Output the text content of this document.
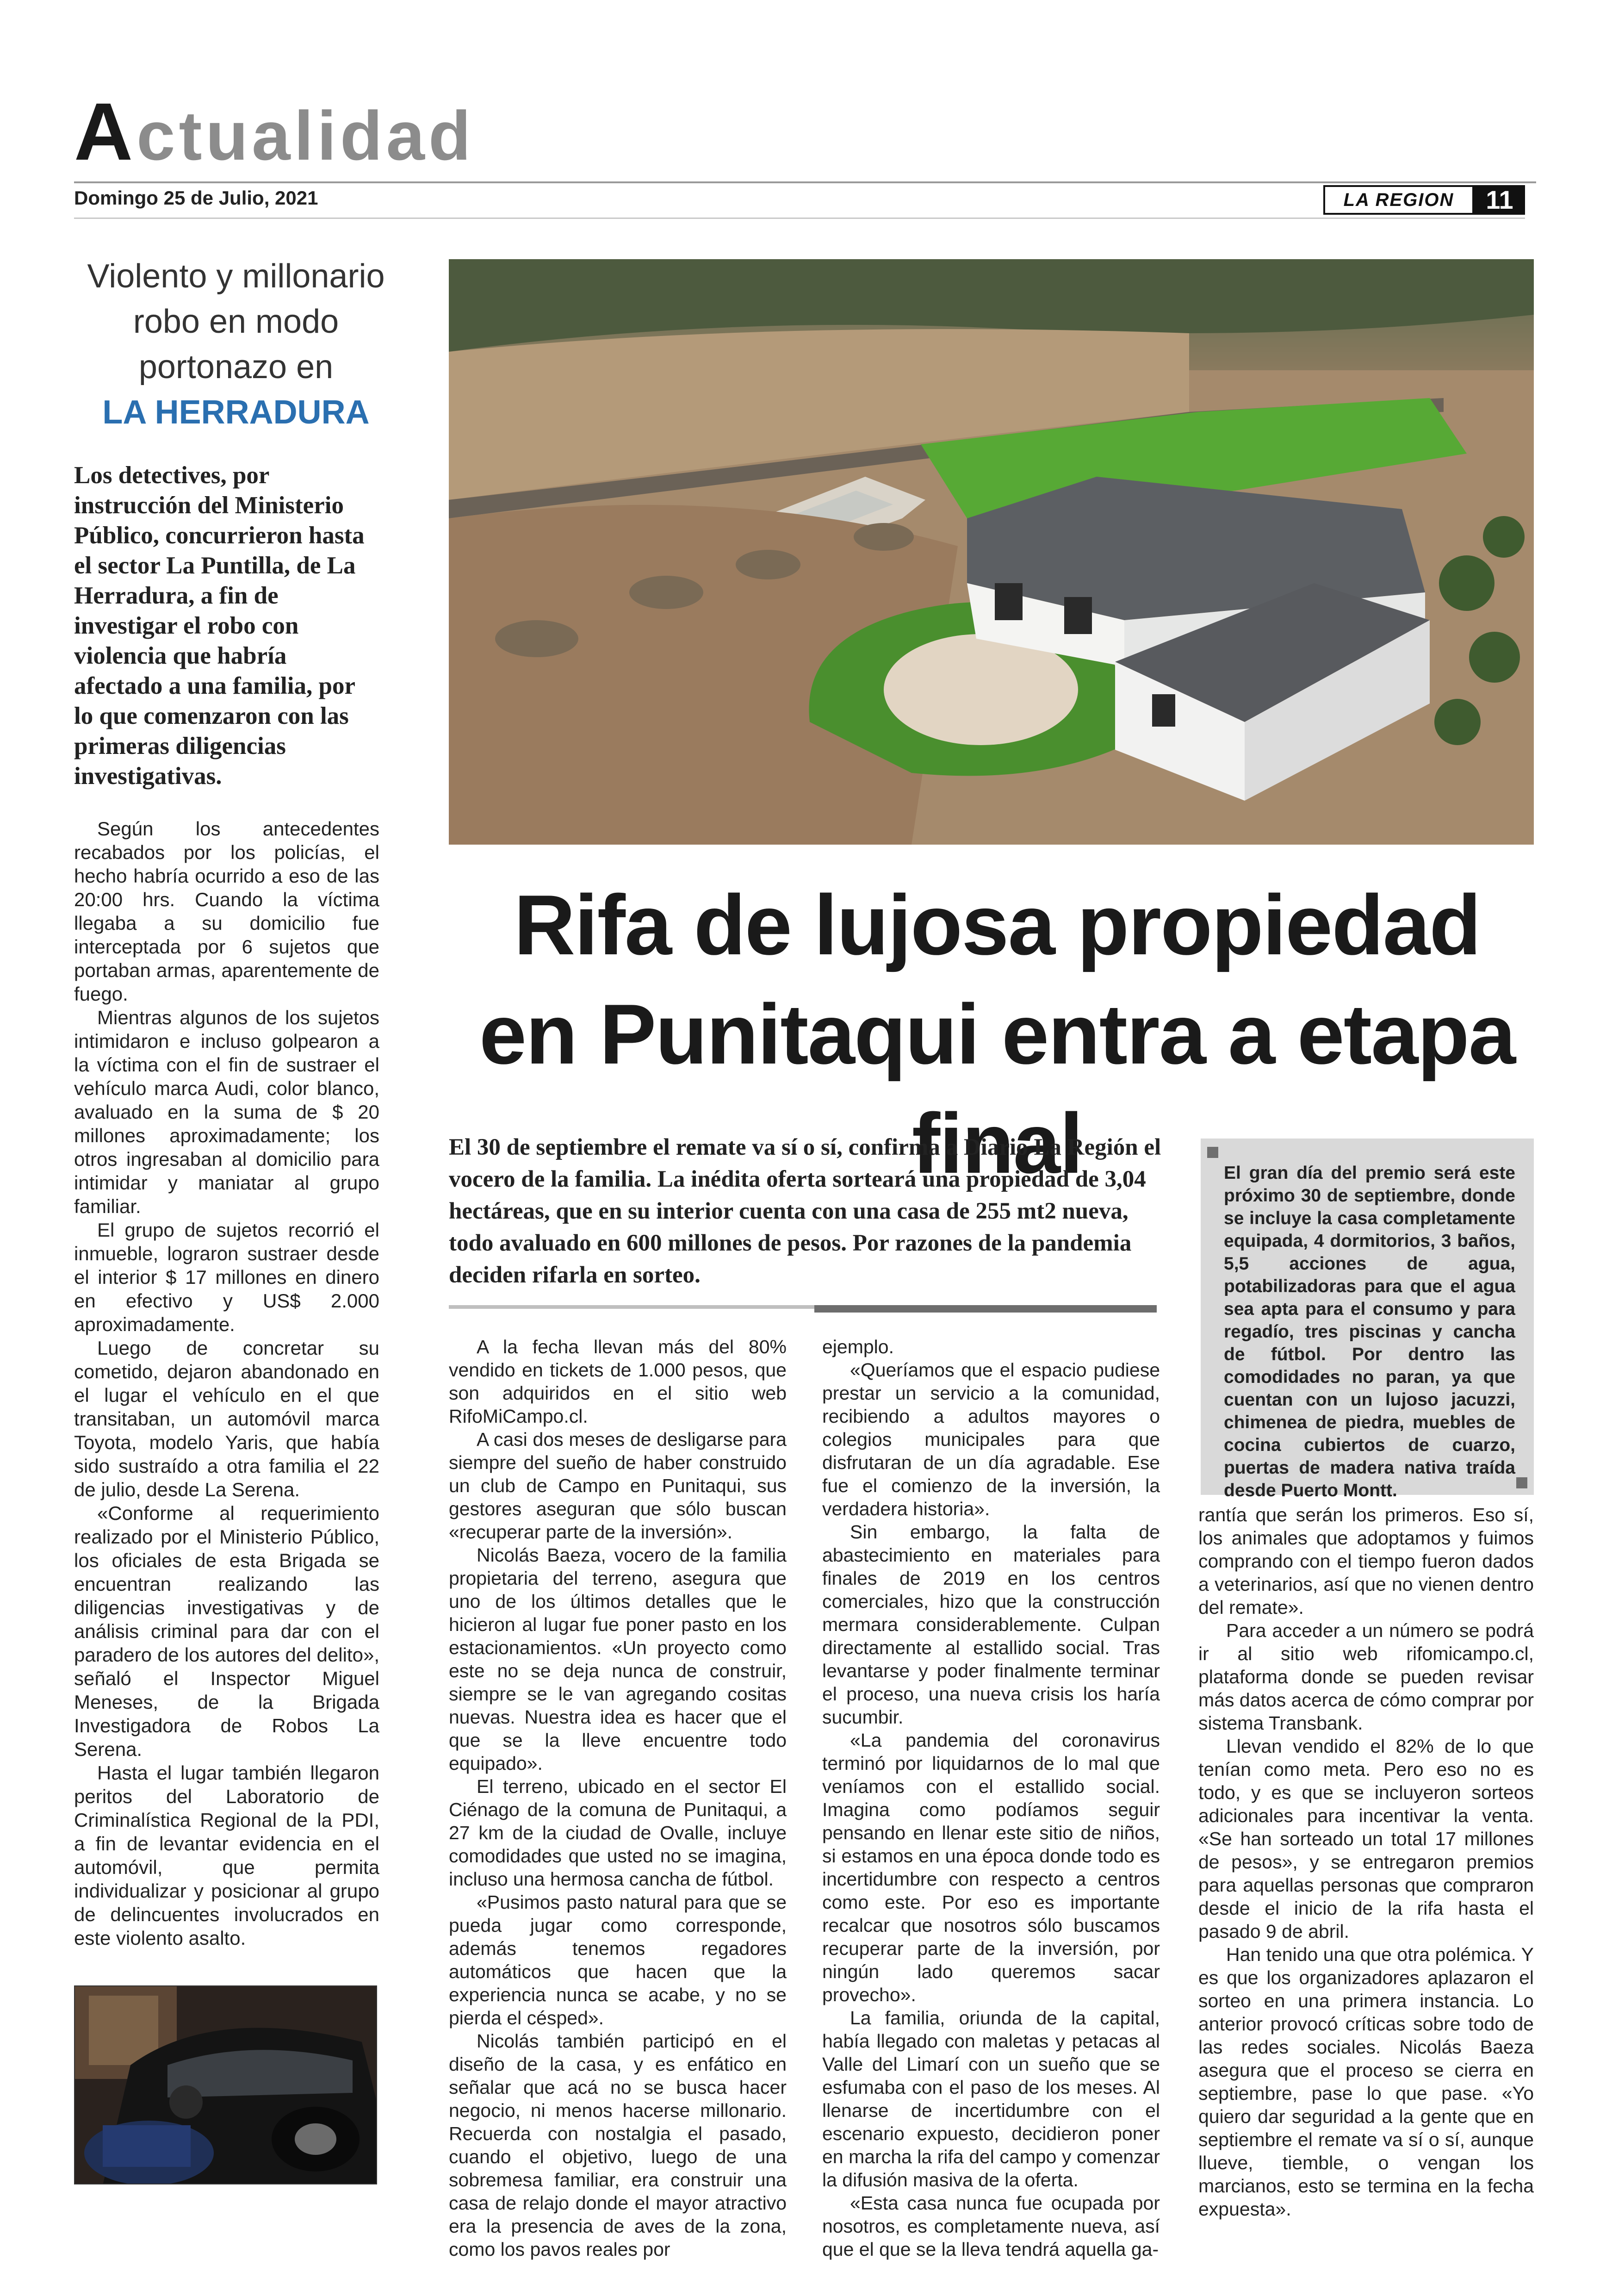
Actualidad
Domingo 25 de Julio, 2021	LA REGION	11
Violento y millonario robo en modo portonazo en
LA HERRADURA
Los detectives, por instrucción del Ministerio Público, concurrieron hasta el sector La Puntilla, de La Herradura, a fin de investigar el robo con violencia que habría afectado a una familia, por lo que comenzaron con las primeras diligencias investigativas.

Según los antecedentes recabados por los policías, el hecho habría ocurrido a eso de las 20:00 hrs. Cuando la víctima llegaba a su domicilio fue interceptada por 6 sujetos que portaban armas, aparentemente de fuego.

Mientras algunos de los sujetos intimidaron e incluso golpearon a la víctima con el fin de sustraer el vehículo marca Audi, color blanco, avaluado en la suma de $ 20 millones aproximadamente; los otros ingresaban al domicilio para intimidar y maniatar al grupo familiar.

El grupo de sujetos recorrió el inmueble, lograron sustraer desde el interior $ 17 millones en dinero en efectivo y US$ 2.000 aproximadamente.

Luego de concretar su cometido, dejaron abandonado en el lugar el vehículo en el que transitaban, un automóvil marca Toyota, modelo Yaris, que había sido sustraído a otra familia el 22 de julio, desde La Serena.

«Conforme al requerimiento realizado por el Ministerio Público, los oficiales de esta Brigada se encuentran realizando las diligencias investigativas y de análisis criminal para dar con el paradero de los autores del delito», señaló el Inspector Miguel Meneses, de la Brigada Investigadora de Robos La Serena.

Hasta el lugar también llegaron peritos del Laboratorio de Criminalística Regional de la PDI, a fin de levantar evidencia en el automóvil, que permita individualizar y posicionar al grupo de delincuentes involucrados en este violento asalto.

Rifa de lujosa propiedad en Punitaqui entra a etapa final
El 30 de septiembre el remate va sí o sí, confirma a Diario La Región el vocero de la familia. La inédita oferta sorteará una propiedad de 3,04 hectáreas, que en su interior cuenta con una casa de 255 mt2 nueva, todo avaluado en 600 millones de pesos. Por razones de la pandemia deciden rifarla en sorteo.
El gran día del premio será este próximo 30 de septiembre, donde se incluye la casa completamente equipada, 4 dormitorios, 3 baños, 5,5 acciones de agua, potabilizadoras para que el agua sea apta para el consumo y para regadío, tres piscinas y cancha de fútbol. Por dentro las comodidades no paran, ya que cuentan con un lujoso jacuzzi, chimenea de piedra, muebles de cocina cubiertos de cuarzo, puertas de madera nativa traída desde Puerto Montt.

A la fecha llevan más del 80% vendido en tickets de 1.000 pesos, que son adquiridos en el sitio web RifoMiCampo.cl.

A casi dos meses de desligarse para siempre del sueño de haber construido un club de Campo en Punitaqui, sus gestores aseguran que sólo buscan «recuperar parte de la inversión».

Nicolás Baeza, vocero de la familia propietaria del terreno, asegura que uno de los últimos detalles que le hicieron al lugar fue poner pasto en los estacionamientos. «Un proyecto como este no se deja nunca de construir, siempre se le van agregando cositas nuevas. Nuestra idea es hacer que el que se la lleve encuentre todo equipado».

El terreno, ubicado en el sector El Ciénago de la comuna de Punitaqui, a 27 km de la ciudad de Ovalle, incluye comodidades que usted no se imagina, incluso una hermosa cancha de fútbol.

«Pusimos pasto natural para que se pueda jugar como corresponde, además tenemos regadores automáticos que hacen que la experiencia nunca se acabe, y no se pierda el césped».

Nicolás también participó en el diseño de la casa, y es enfático en señalar que acá no se busca hacer negocio, ni menos hacerse millonario. Recuerda con nostalgia el pasado, cuando el objetivo, luego de una sobremesa familiar, era construir una casa de relajo donde el mayor atractivo era la presencia de aves de la zona, como los pavos reales por

ejemplo.

«Queríamos que el espacio pudiese prestar un servicio a la comunidad, recibiendo a adultos mayores o colegios municipales para que disfrutaran de un día agradable. Ese fue el comienzo de la inversión, la verdadera historia».

Sin embargo, la falta de abastecimiento en materiales para finales de 2019 en los centros comerciales, hizo que la construcción mermara considerablemente. Culpan directamente al estallido social. Tras levantarse y poder finalmente terminar el proceso, una nueva crisis los haría sucumbir.

«La pandemia del coronavirus terminó por liquidarnos de lo mal que veníamos con el estallido social. Imagina como podíamos seguir pensando en llenar este sitio de niños, si estamos en una época donde todo es incertidumbre con respecto a centros como este. Por eso es importante recalcar que nosotros sólo buscamos recuperar parte de la inversión, por ningún lado queremos sacar provecho».

La familia, oriunda de la capital, había llegado con maletas y petacas al Valle del Limarí con un sueño que se esfumaba con el paso de los meses. Al llenarse de incertidumbre con el escenario expuesto, decidieron poner en marcha la rifa del campo y comenzar la difusión masiva de la oferta.

«Esta casa nunca fue ocupada por nosotros, es completamente nueva, así que el que se la lleva tendrá aquella ga-

rantía que serán los primeros. Eso sí, los animales que adoptamos y fuimos comprando con el tiempo fueron dados a veterinarios, así que no vienen dentro del remate».

Para acceder a un número se podrá ir al sitio web rifomicampo.cl, plataforma donde se pueden revisar más datos acerca de cómo comprar por sistema Transbank.

Llevan vendido el 82% de lo que tenían como meta. Pero eso no es todo, y es que se incluyeron sorteos adicionales para incentivar la venta. «Se han sorteado un total 17 millones de pesos», y se entregaron premios para aquellas personas que compraron desde el inicio de la rifa hasta el pasado 9 de abril.

Han tenido una que otra polémica. Y es que los organizadores aplazaron el sorteo en una primera instancia. Lo anterior provocó críticas sobre todo de las redes sociales. Nicolás Baeza asegura que el proceso se cierra en septiembre, pase lo que pase. «Yo quiero dar seguridad a la gente que en septiembre el remate va sí o sí, aunque llueve, tiemble, o vengan los marcianos, esto se termina en la fecha expuesta».
